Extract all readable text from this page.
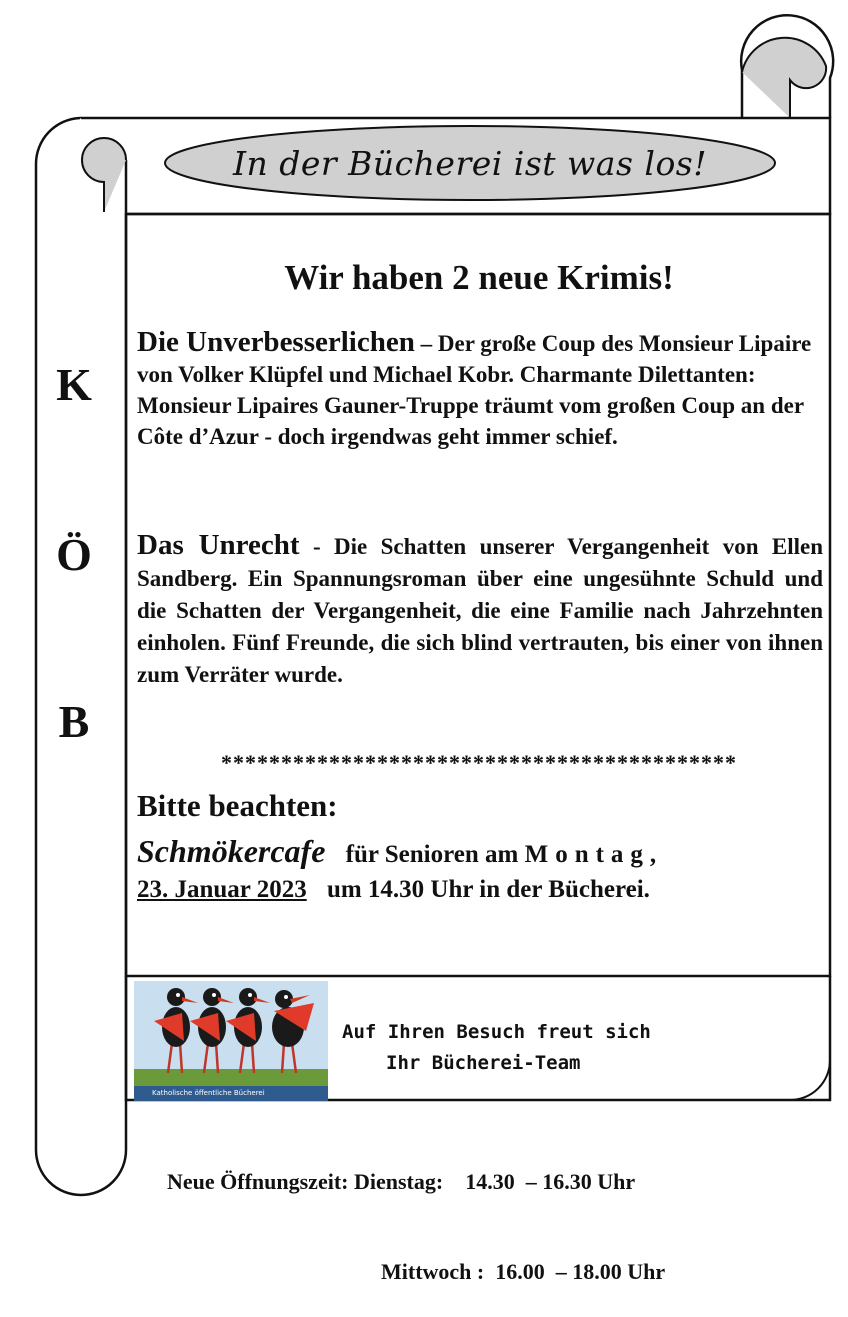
In der Bücherei ist was los!
K
Ö
B
Wir haben 2 neue Krimis!
Die Unverbesserlichen – Der große Coup des Monsieur Lipaire von Volker Klüpfel und Michael Kobr. Charmante Dilettanten: Monsieur Lipaires Gauner-Truppe träumt vom großen Coup an der Côte d’Azur - doch irgendwas geht immer schief.
Das Unrecht - Die Schatten unserer Vergangenheit von Ellen Sandberg. Ein Spannungsroman über eine ungesühnte Schuld und die Schatten der Vergangenheit, die eine Familie nach Jahrzehnten einholen. Fünf Freunde, die sich blind vertrauten, bis einer von ihnen zum Verräter wurde.
*******************************************
Bitte beachten:
Schmökercafe für Senioren am Montag,
23. Januar 2023 um 14.30 Uhr in der Bücherei.
Katholische öffentliche Bücherei
Auf Ihren Besuch freut sich
Ihr Bücherei-Team

Neue Öffnungszeit: Dienstag: 14.30  – 16.30 Uhr

Mittwoch : 16.00  – 18.00 Uhr
